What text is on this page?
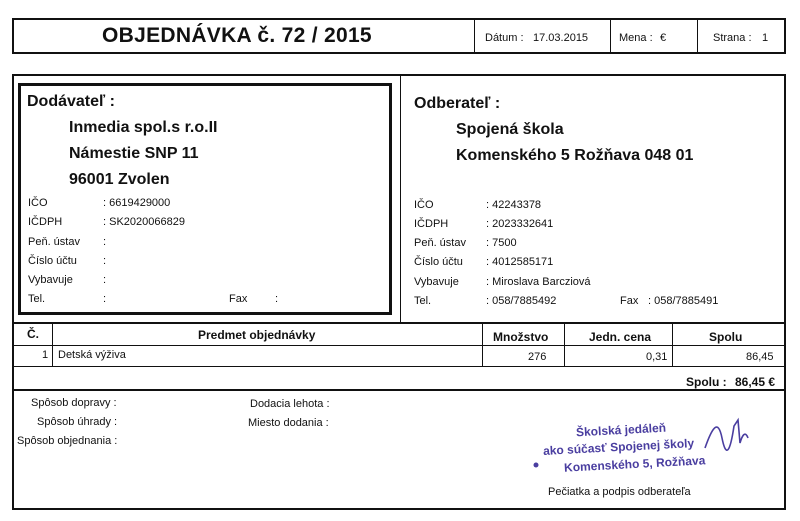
OBJEDNÁVKA č. 72 / 2015	Dátum : 17.03.2015	Mena : €	Strana : 1
Dodávateľ :
Inmedia spol.s r.o.II
Námestie SNP 11
96001 Zvolen
IČO	: 6619429000
IČDPH	: SK2020066829
Peň. ústav :
Číslo účtu :
Vybavuje	:
Tel.	:	Fax	:
Odberateľ :
Spojená škola
Komenského 5 Rožňava 048 01
IČO	: 42243378
IČDPH	: 2023332641
Peň. ústav : 7500
Číslo účtu : 4012585171
Vybavuje : Miroslava Barcziová
Tel.	: 058/7885492	Fax : 058/7885491
Č.	Predmet objednávky	Množstvo	Jedn. cena	Spolu
1 Detská výživa	276	0,31	86,45
Spolu : 86,45 €
Spôsob dopravy :
Spôsob úhrady :
Spôsob objednania :
Dodacia lehota :
Miesto dodania :	Školská jedáleň
ako súčasť Spojenej školy
Komenského 5, Rožňava
Pečiatka a podpis odberateľa
